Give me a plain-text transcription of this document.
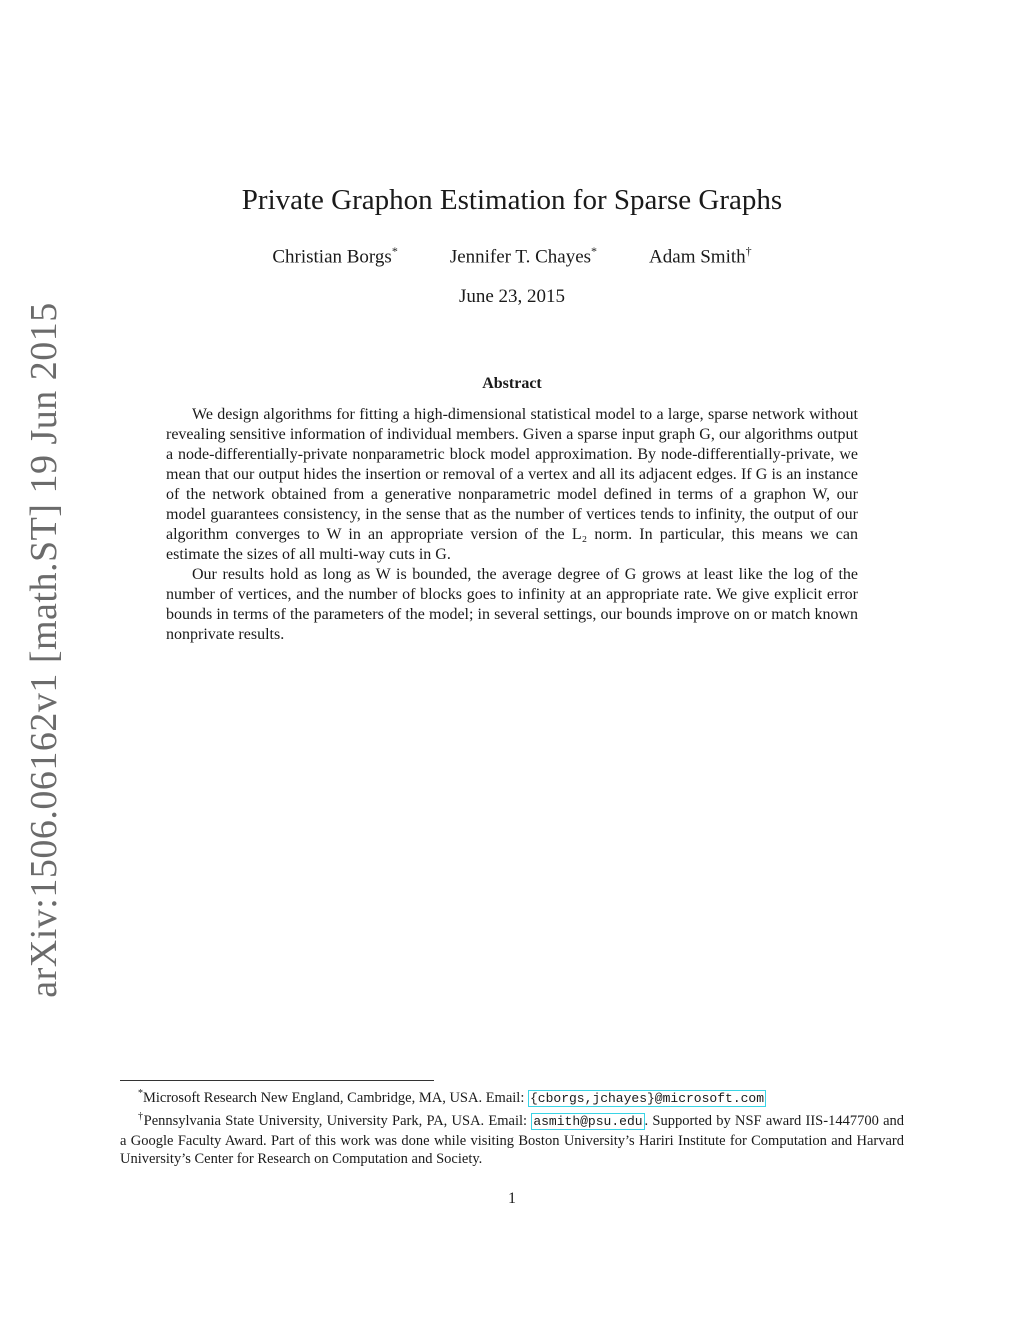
arXiv:1506.06162v1 [math.ST] 19 Jun 2015
Private Graphon Estimation for Sparse Graphs
Christian Borgs*	Jennifer T. Chayes*	Adam Smith†
June 23, 2015
Abstract

We design algorithms for fitting a high-dimensional statistical model to a large, sparse network without revealing sensitive information of individual members. Given a sparse input graph G, our algorithms output a node-differentially-private nonparametric block model approximation. By node-differentially-private, we mean that our output hides the insertion or removal of a vertex and all its adjacent edges. If G is an instance of the network obtained from a generative nonparametric model defined in terms of a graphon W, our model guarantees consistency, in the sense that as the number of vertices tends to infinity, the output of our algorithm converges to W in an appropriate version of the L₂ norm. In particular, this means we can estimate the sizes of all multi-way cuts in G.

Our results hold as long as W is bounded, the average degree of G grows at least like the log of the number of vertices, and the number of blocks goes to infinity at an appropriate rate. We give explicit error bounds in terms of the parameters of the model; in several settings, our bounds improve on or match known nonprivate results.

*Microsoft Research New England, Cambridge, MA, USA. Email: {cborgs,jchayes}@microsoft.com

†Pennsylvania State University, University Park, PA, USA. Email: asmith@psu.edu . Supported by NSF award IIS-1447700 and a Google Faculty Award. Part of this work was done while visiting Boston University’s Hariri Institute for Computation and Harvard University’s Center for Research on Computation and Society.

1
